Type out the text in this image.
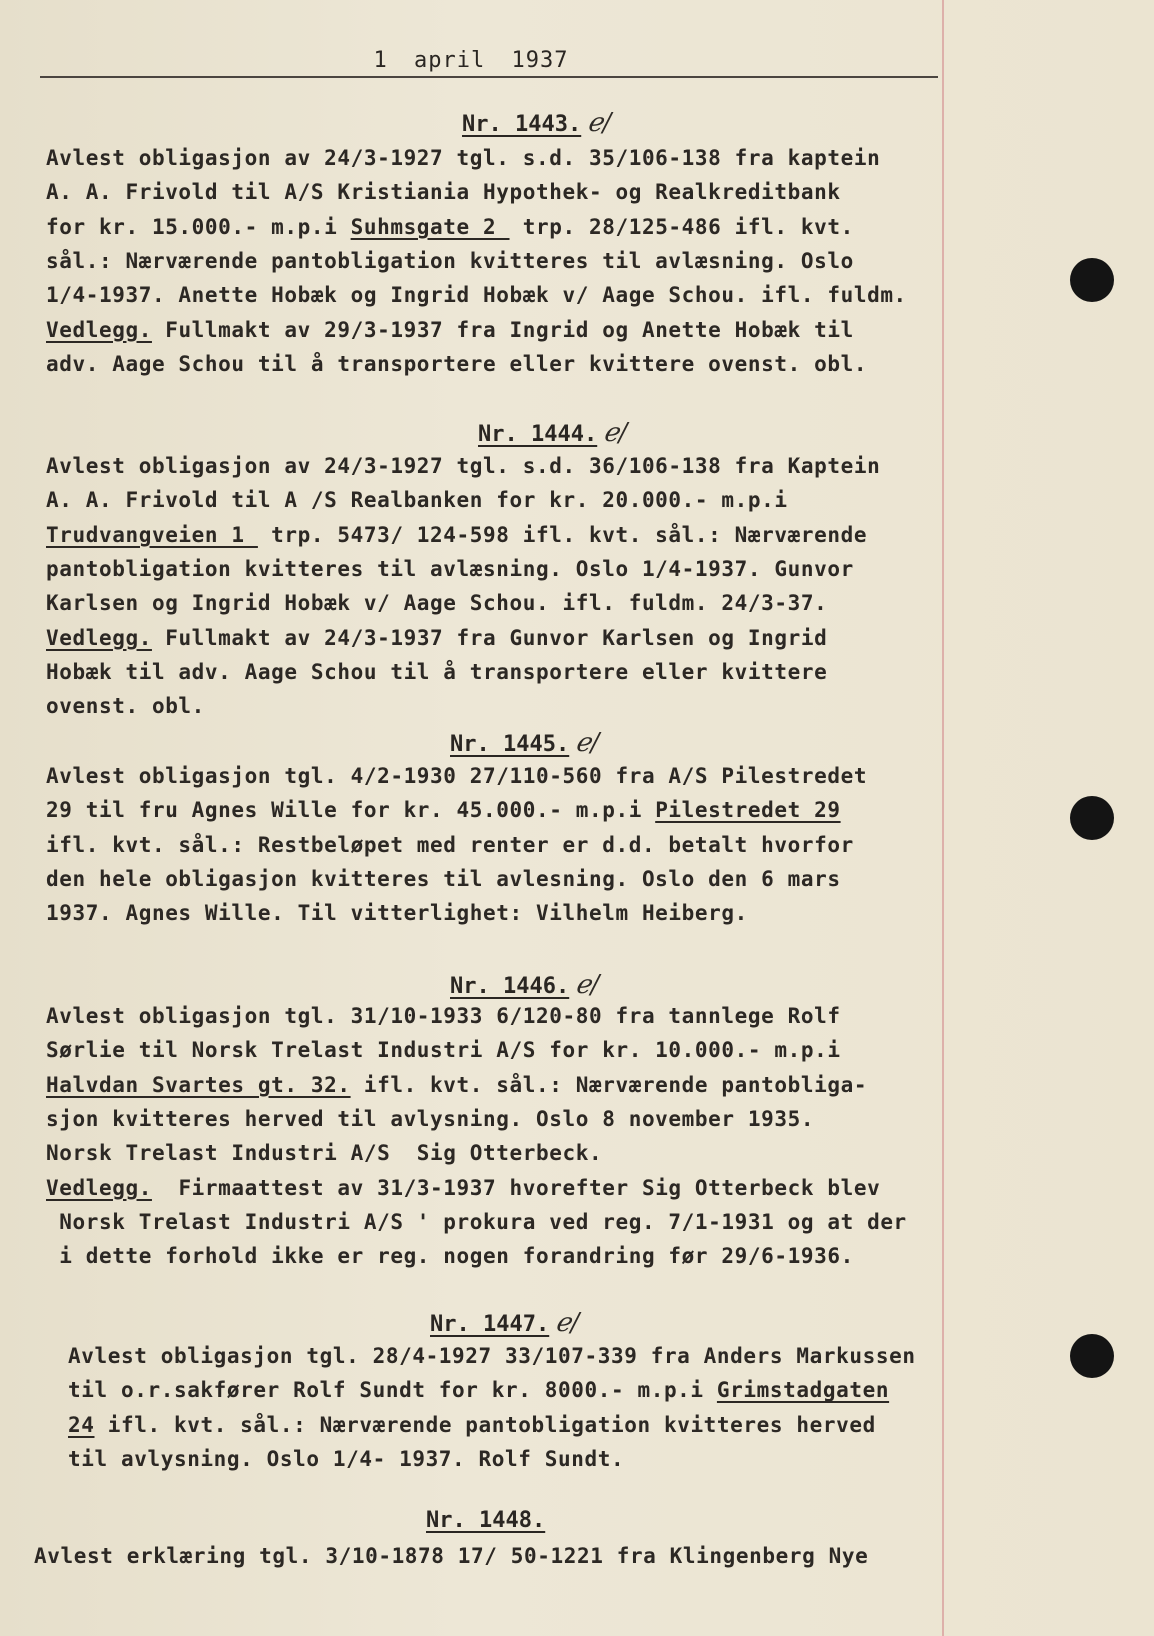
1 april 1937
Nr. 1443. ℯ/
Avlest obligasjon av 24/3-1927 tgl. s.d. 35/106-138 fra kaptein
A. A. Frivold til A/S Kristiania Hypothek- og Realkreditbank
for kr. 15.000.- m.p.i Suhmsgate 2  trp. 28/125-486 ifl. kvt.
sål.: Nærværende pantobligation kvitteres til avlæsning. Oslo
1/4-1937. Anette Hobæk og Ingrid Hobæk v/ Aage Schou. ifl. fuldm.
Vedlegg. Fullmakt av 29/3-1937 fra Ingrid og Anette Hobæk til
adv. Aage Schou til å transportere eller kvittere ovenst. obl.
Nr. 1444. ℯ/
Avlest obligasjon av 24/3-1927 tgl. s.d. 36/106-138 fra Kaptein
A. A. Frivold til A /S Realbanken for kr. 20.000.- m.p.i
Trudvangveien 1  trp. 5473/ 124-598 ifl. kvt. sål.: Nærværende
pantobligation kvitteres til avlæsning. Oslo 1/4-1937. Gunvor
Karlsen og Ingrid Hobæk v/ Aage Schou. ifl. fuldm. 24/3-37.
Vedlegg. Fullmakt av 24/3-1937 fra Gunvor Karlsen og Ingrid
Hobæk til adv. Aage Schou til å transportere eller kvittere
ovenst. obl.
Nr. 1445. ℯ/
Avlest obligasjon tgl. 4/2-1930 27/110-560 fra A/S Pilestredet
29 til fru Agnes Wille for kr. 45.000.- m.p.i Pilestredet 29
ifl. kvt. sål.: Restbeløpet med renter er d.d. betalt hvorfor
den hele obligasjon kvitteres til avlesning. Oslo den 6 mars
1937. Agnes Wille. Til vitterlighet: Vilhelm Heiberg.
Nr. 1446. ℯ/
Avlest obligasjon tgl. 31/10-1933 6/120-80 fra tannlege Rolf
Sørlie til Norsk Trelast Industri A/S for kr. 10.000.- m.p.i
Halvdan Svartes gt. 32. ifl. kvt. sål.: Nærværende pantobliga-
sjon kvitteres herved til avlysning. Oslo 8 november 1935.
Norsk Trelast Industri A/S  Sig Otterbeck.
Vedlegg.  Firmaattest av 31/3-1937 hvorefter Sig Otterbeck blev
Norsk Trelast Industri A/S ' prokura ved reg. 7/1-1931 og at der
i dette forhold ikke er reg. nogen forandring før 29/6-1936.
Nr. 1447. ℯ/
Avlest obligasjon tgl. 28/4-1927 33/107-339 fra Anders Markussen
til o.r.sakfører Rolf Sundt for kr. 8000.- m.p.i Grimstadgaten
24 ifl. kvt. sål.: Nærværende pantobligation kvitteres herved
til avlysning. Oslo 1/4- 1937. Rolf Sundt.
Nr. 1448.
Avlest erklæring tgl. 3/10-1878 17/ 50-1221 fra Klingenberg Nye
